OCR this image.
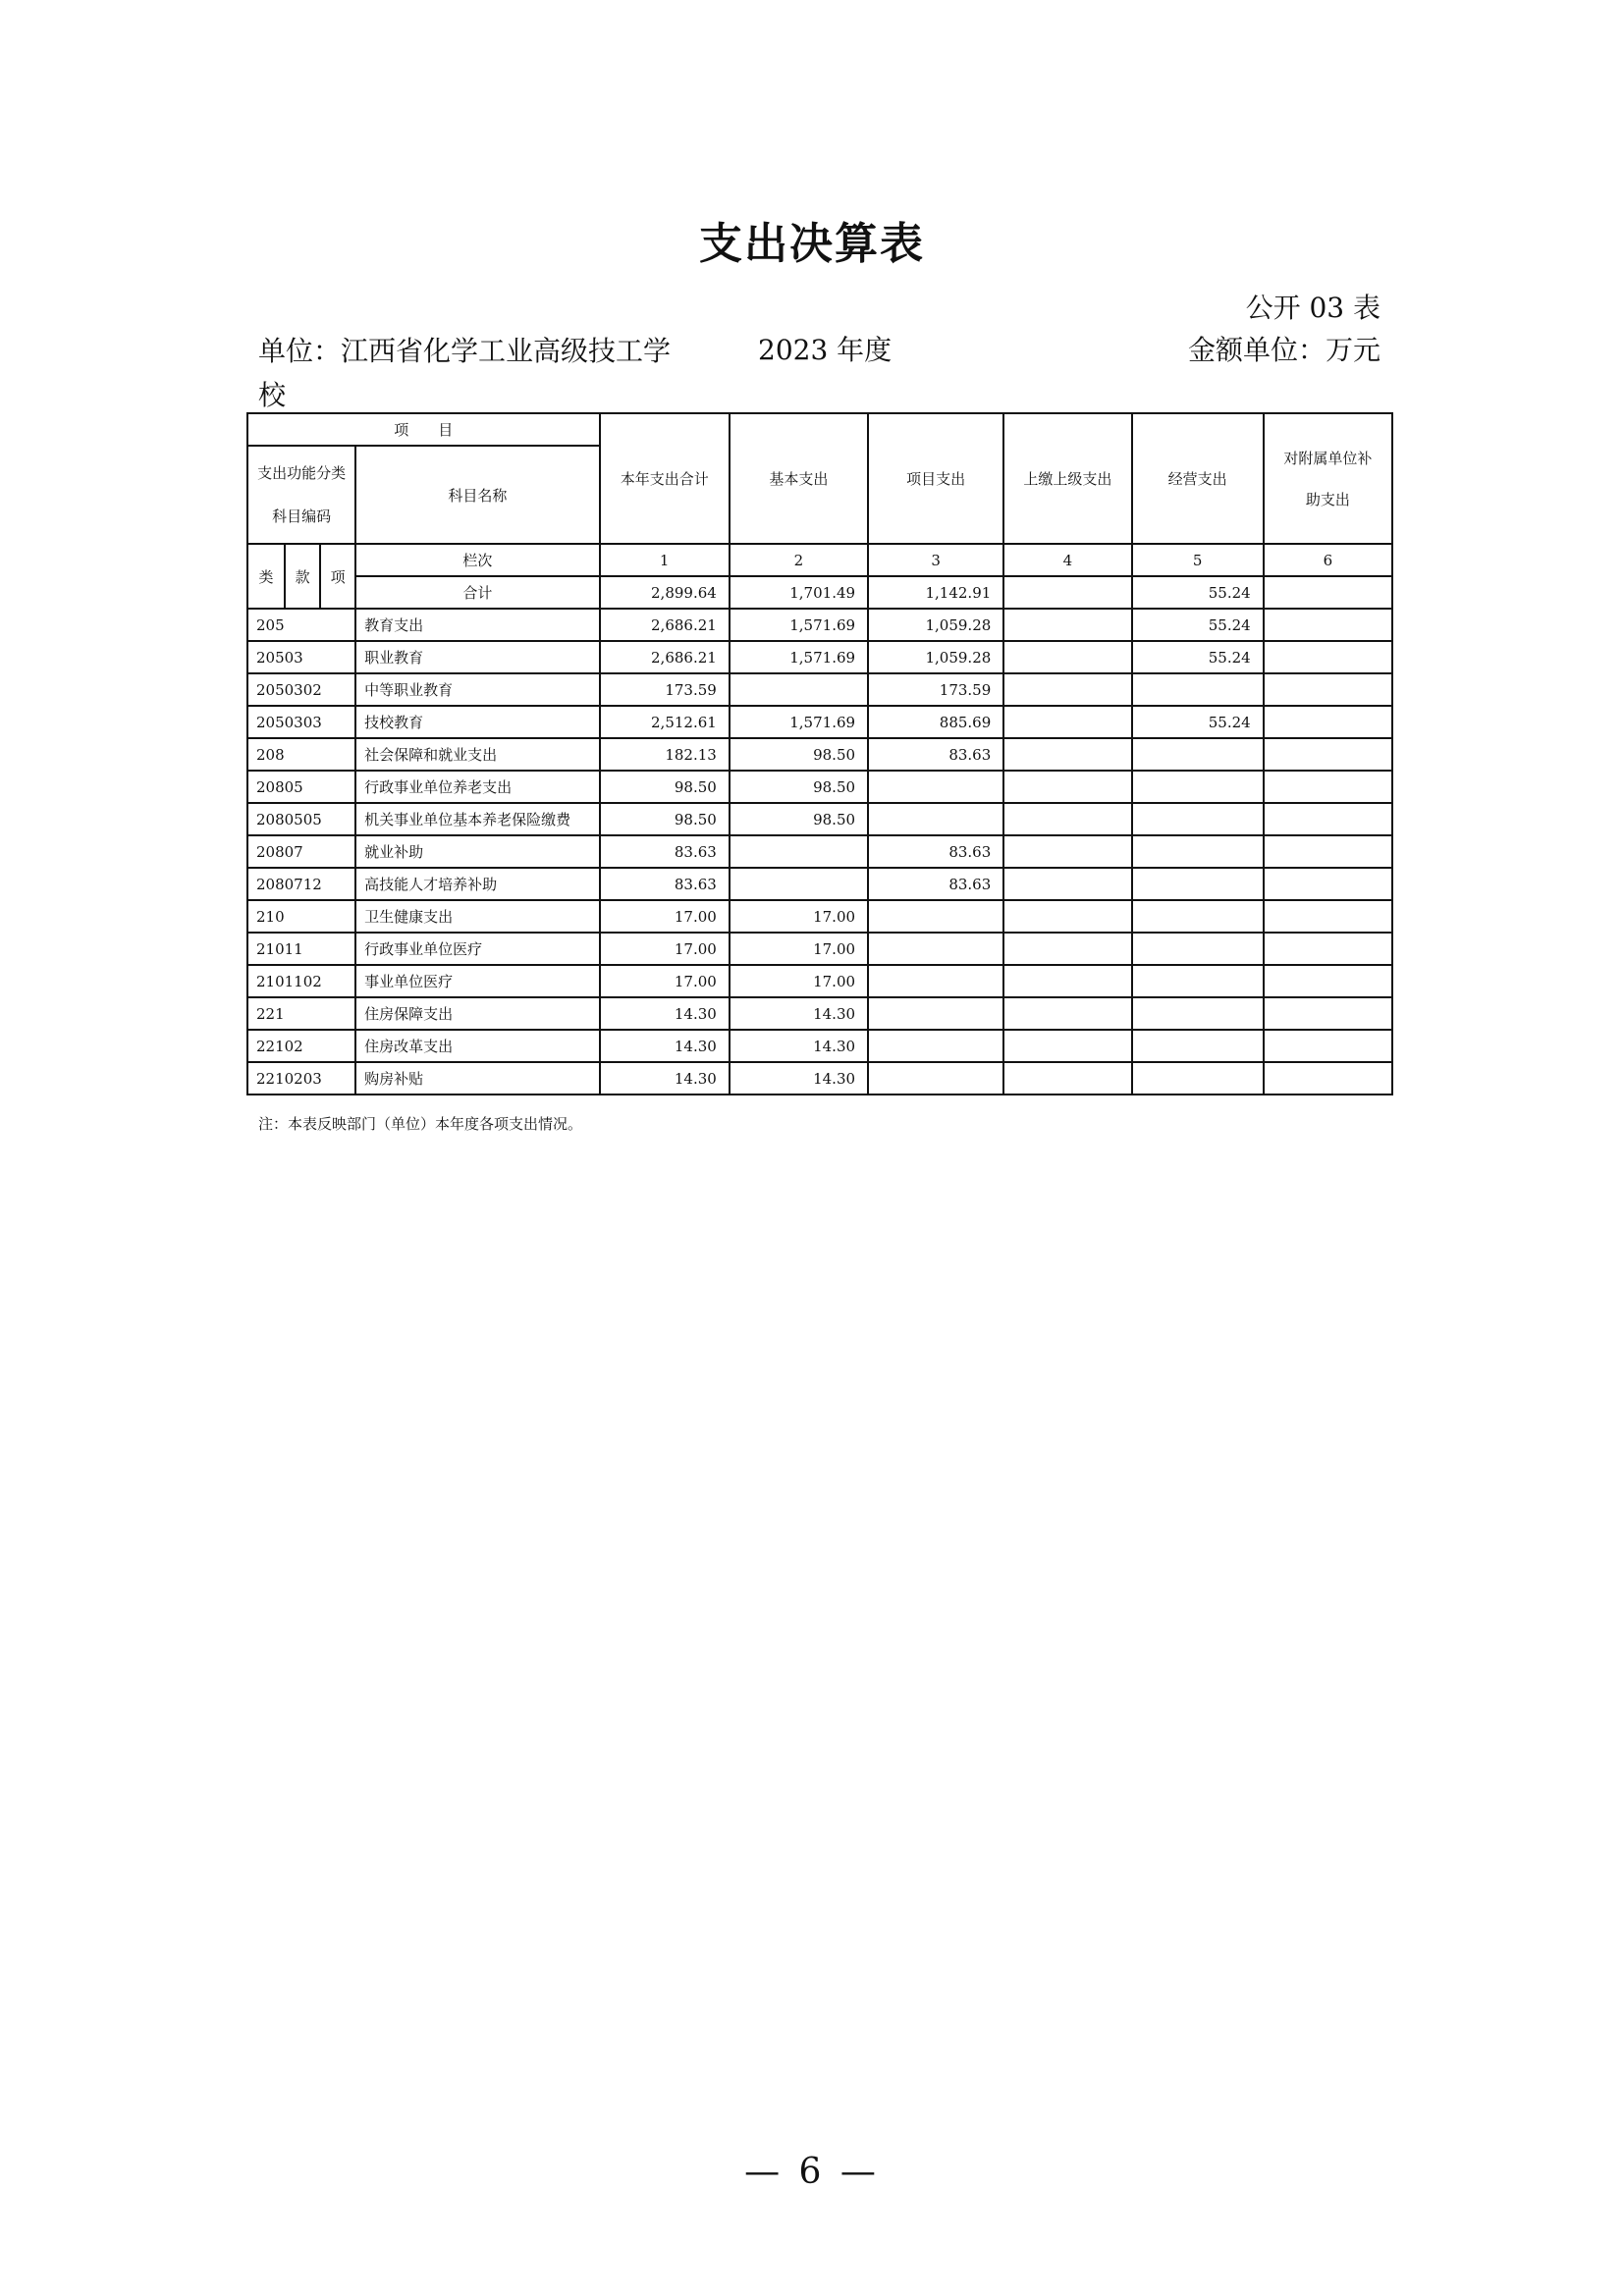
支出决算表
公开 03 表
单位：江西省化学工业高级技工学校
2023 年度	金额单位：万元
项　　目				本年支出合计	基本支出	项目支出	上缴上级支出	经营支出	对附属单位补
助支出

支出功能分类
科目编码			科目名称						
类	款	项	栏次	1	2	3	4	5	6
			合计	2,899.64	1,701.49	1,142.91		55.24	
205			教育支出	2,686.21	1,571.69	1,059.28		55.24	
20503			职业教育	2,686.21	1,571.69	1,059.28		55.24	
2050302			中等职业教育	173.59		173.59			
2050303			技校教育	2,512.61	1,571.69	885.69		55.24	
208			社会保障和就业支出	182.13	98.50	83.63			
20805			行政事业单位养老支出	98.50	98.50				
2080505			机关事业单位基本养老保险缴费	98.50	98.50				
20807			就业补助	83.63		83.63			
2080712			高技能人才培养补助	83.63		83.63			
210			卫生健康支出	17.00	17.00				
21011			行政事业单位医疗	17.00	17.00				
2101102			事业单位医疗	17.00	17.00				
221			住房保障支出	14.30	14.30				
22102			住房改革支出	14.30	14.30				
2210203			购房补贴	14.30	14.30				
注：本表反映部门（单位）本年度各项支出情况。
— 6 —
